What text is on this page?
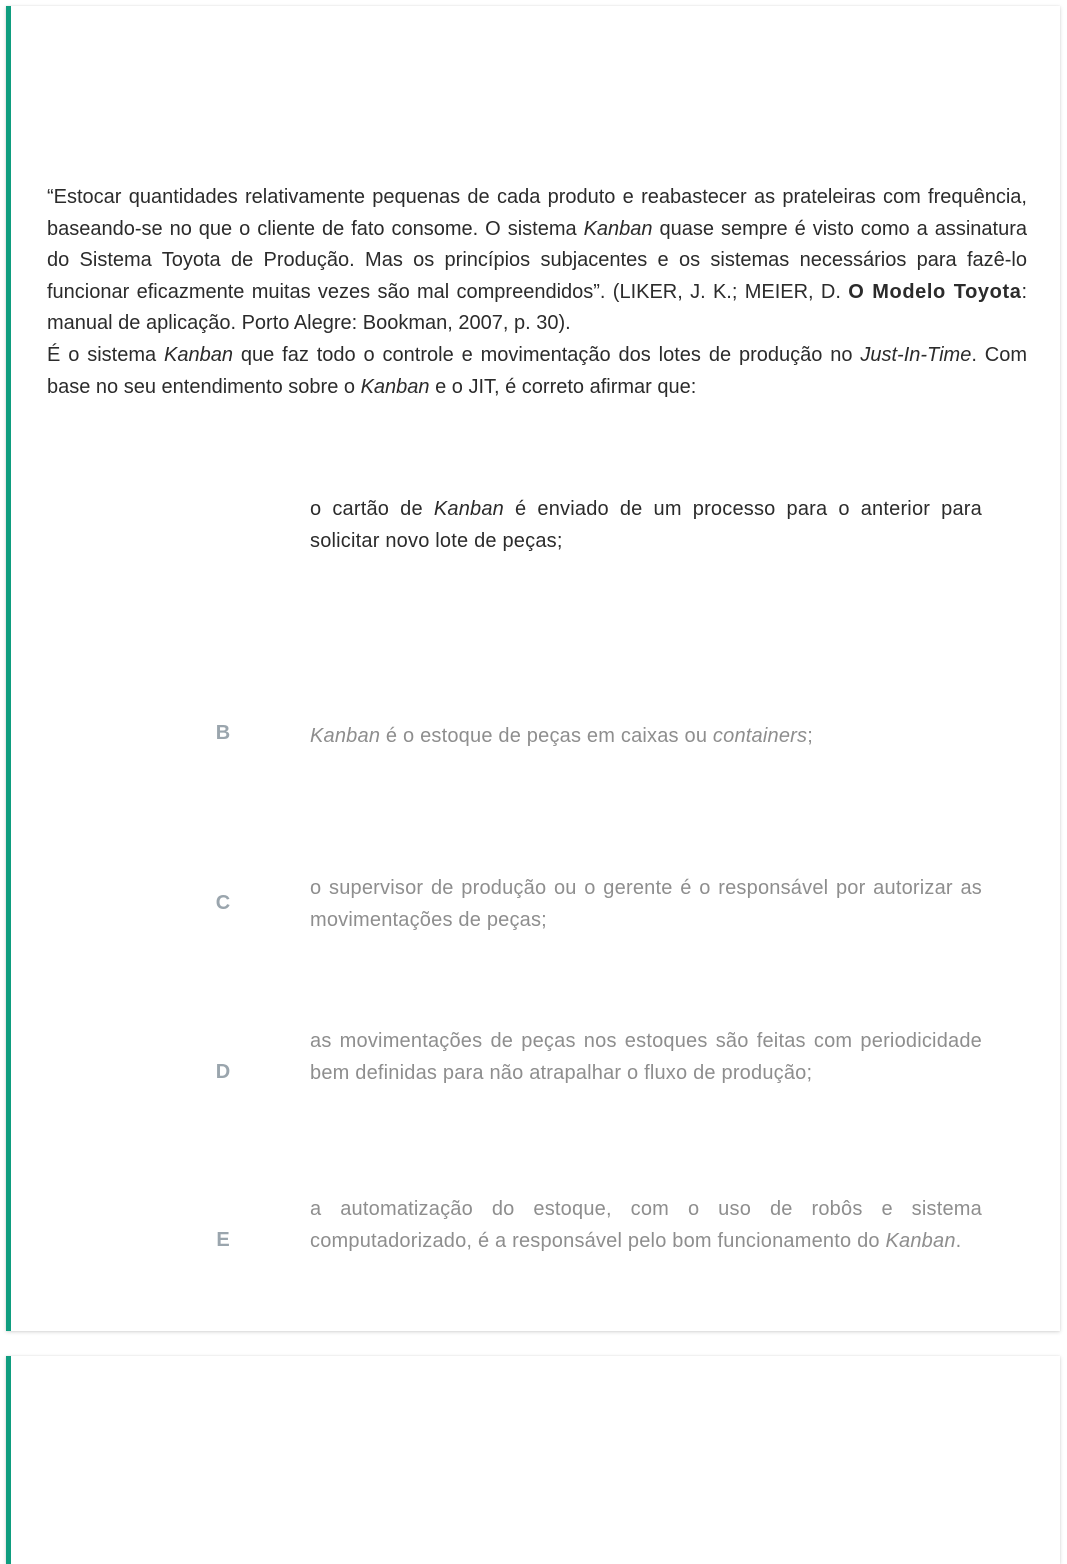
“Estocar quantidades relativamente pequenas de cada produto e reabastecer as prateleiras com frequência, baseando-se no que o cliente de fato consome. O sistema Kanban quase sempre é visto como a assinatura do Sistema Toyota de Produção. Mas os princípios subjacentes e os sistemas necessários para fazê-lo funcionar eficazmente muitas vezes são mal compreendidos”. (LIKER, J. K.; MEIER, D. O Modelo Toyota: manual de aplicação. Porto Alegre: Bookman, 2007, p. 30).

É o sistema Kanban que faz todo o controle e movimentação dos lotes de produção no Just-In-Time. Com base no seu entendimento sobre o Kanban e o JIT, é correto afirmar que:

o cartão de Kanban é enviado de um processo para o anterior para solicitar novo lote de peças;
B	Kanban é o estoque de peças em caixas ou containers;
C
o supervisor de produção ou o gerente é o responsável por autorizar as movimentações de peças;
D
as movimentações de peças nos estoques são feitas com periodicidade bem definidas para não atrapalhar o fluxo de produção;
E
a automatização do estoque, com o uso de robôs e sistema computadorizado, é a responsável pelo bom funcionamento do Kanban.
